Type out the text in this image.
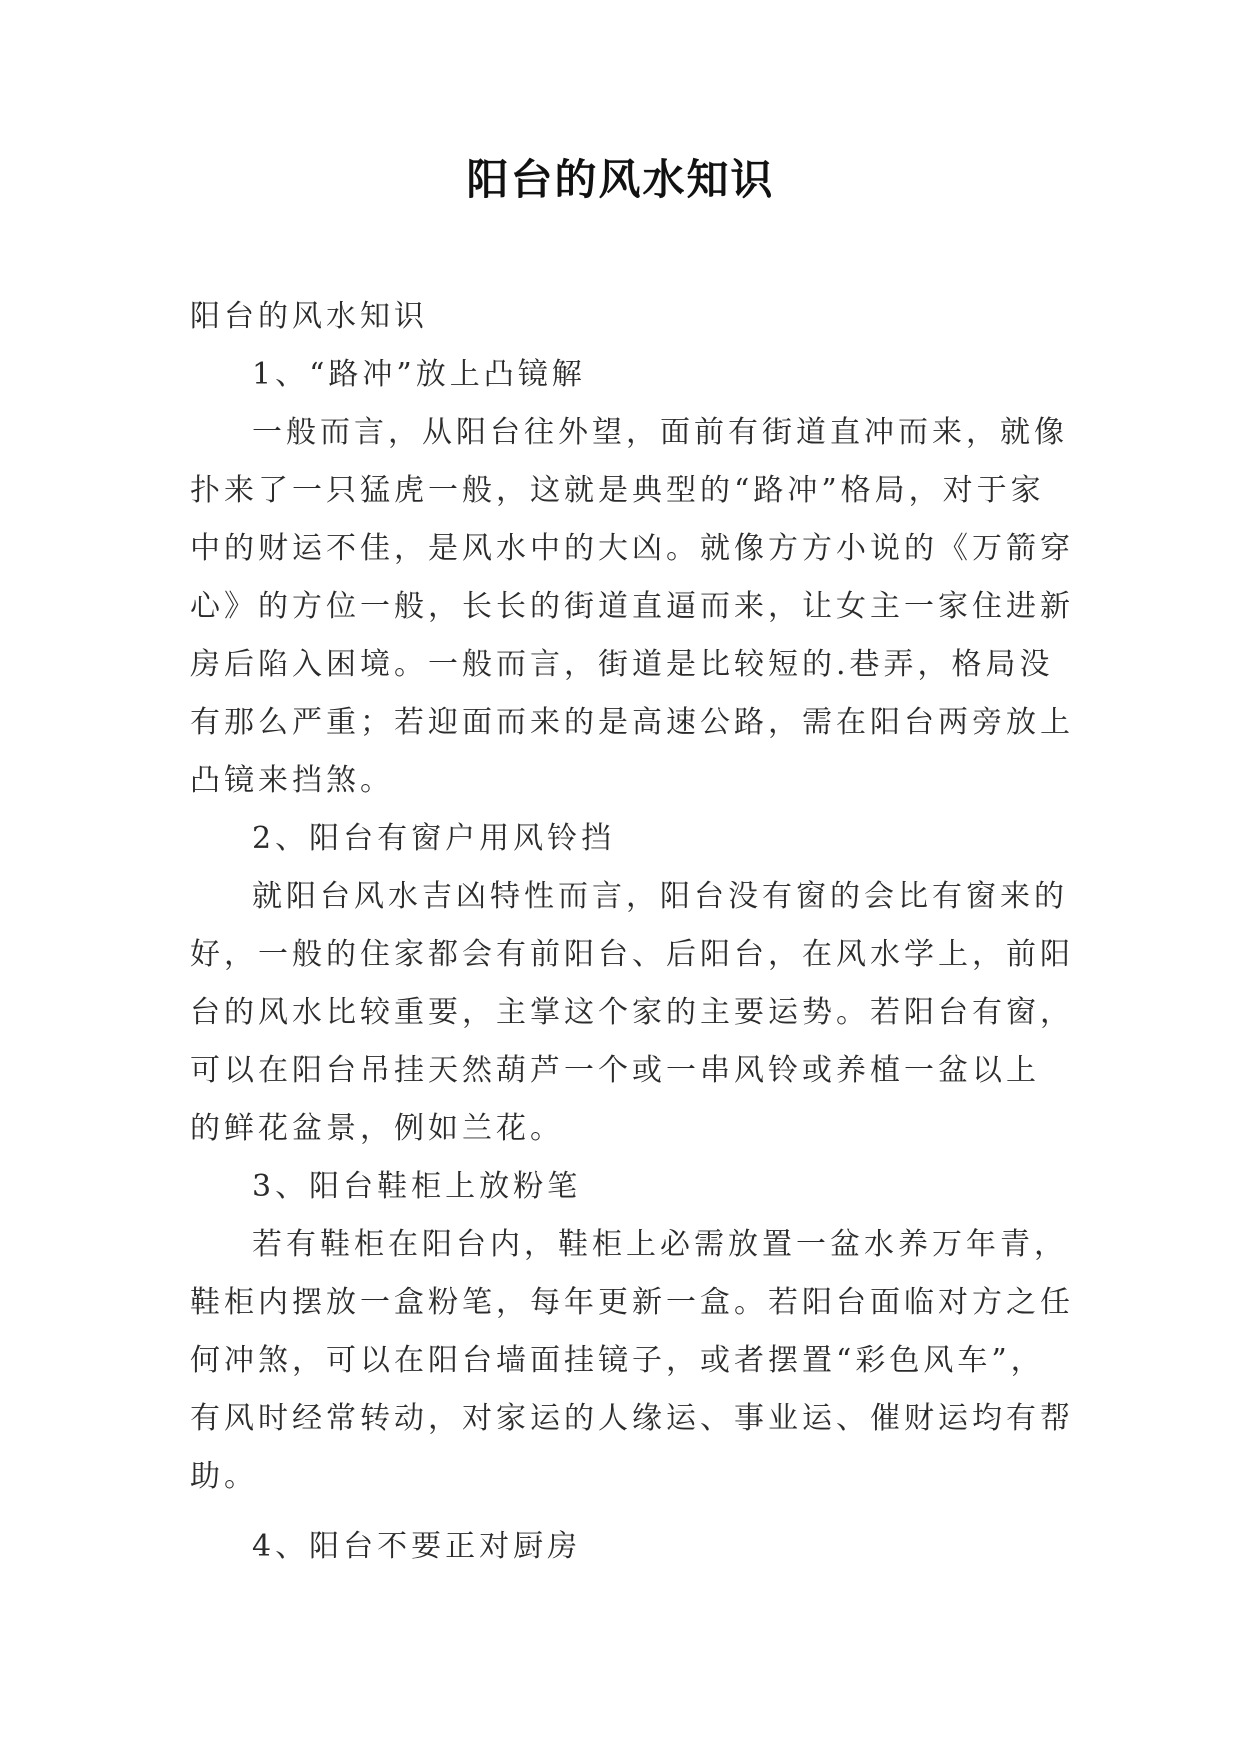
阳台的风水知识
阳台的风水知识
1、“路冲”放上凸镜解
一般而言，从阳台往外望，面前有街道直冲而来，就像
扑来了一只猛虎一般，这就是典型的“路冲”格局，对于家
中的财运不佳，是风水中的大凶。就像方方小说的《万箭穿
心》的方位一般，长长的街道直逼而来，让女主一家住进新
房后陷入困境。一般而言，街道是比较短的.巷弄，格局没
有那么严重；若迎面而来的是高速公路，需在阳台两旁放上
凸镜来挡煞。
2、阳台有窗户用风铃挡
就阳台风水吉凶特性而言，阳台没有窗的会比有窗来的
好，一般的住家都会有前阳台、后阳台，在风水学上，前阳
台的风水比较重要，主掌这个家的主要运势。若阳台有窗，
可以在阳台吊挂天然葫芦一个或一串风铃或养植一盆以上
的鲜花盆景，例如兰花。
3、阳台鞋柜上放粉笔
若有鞋柜在阳台内，鞋柜上必需放置一盆水养万年青，
鞋柜内摆放一盒粉笔，每年更新一盒。若阳台面临对方之任
何冲煞，可以在阳台墙面挂镜子，或者摆置“彩色风车”，
有风时经常转动，对家运的人缘运、事业运、催财运均有帮
助。
4、阳台不要正对厨房
